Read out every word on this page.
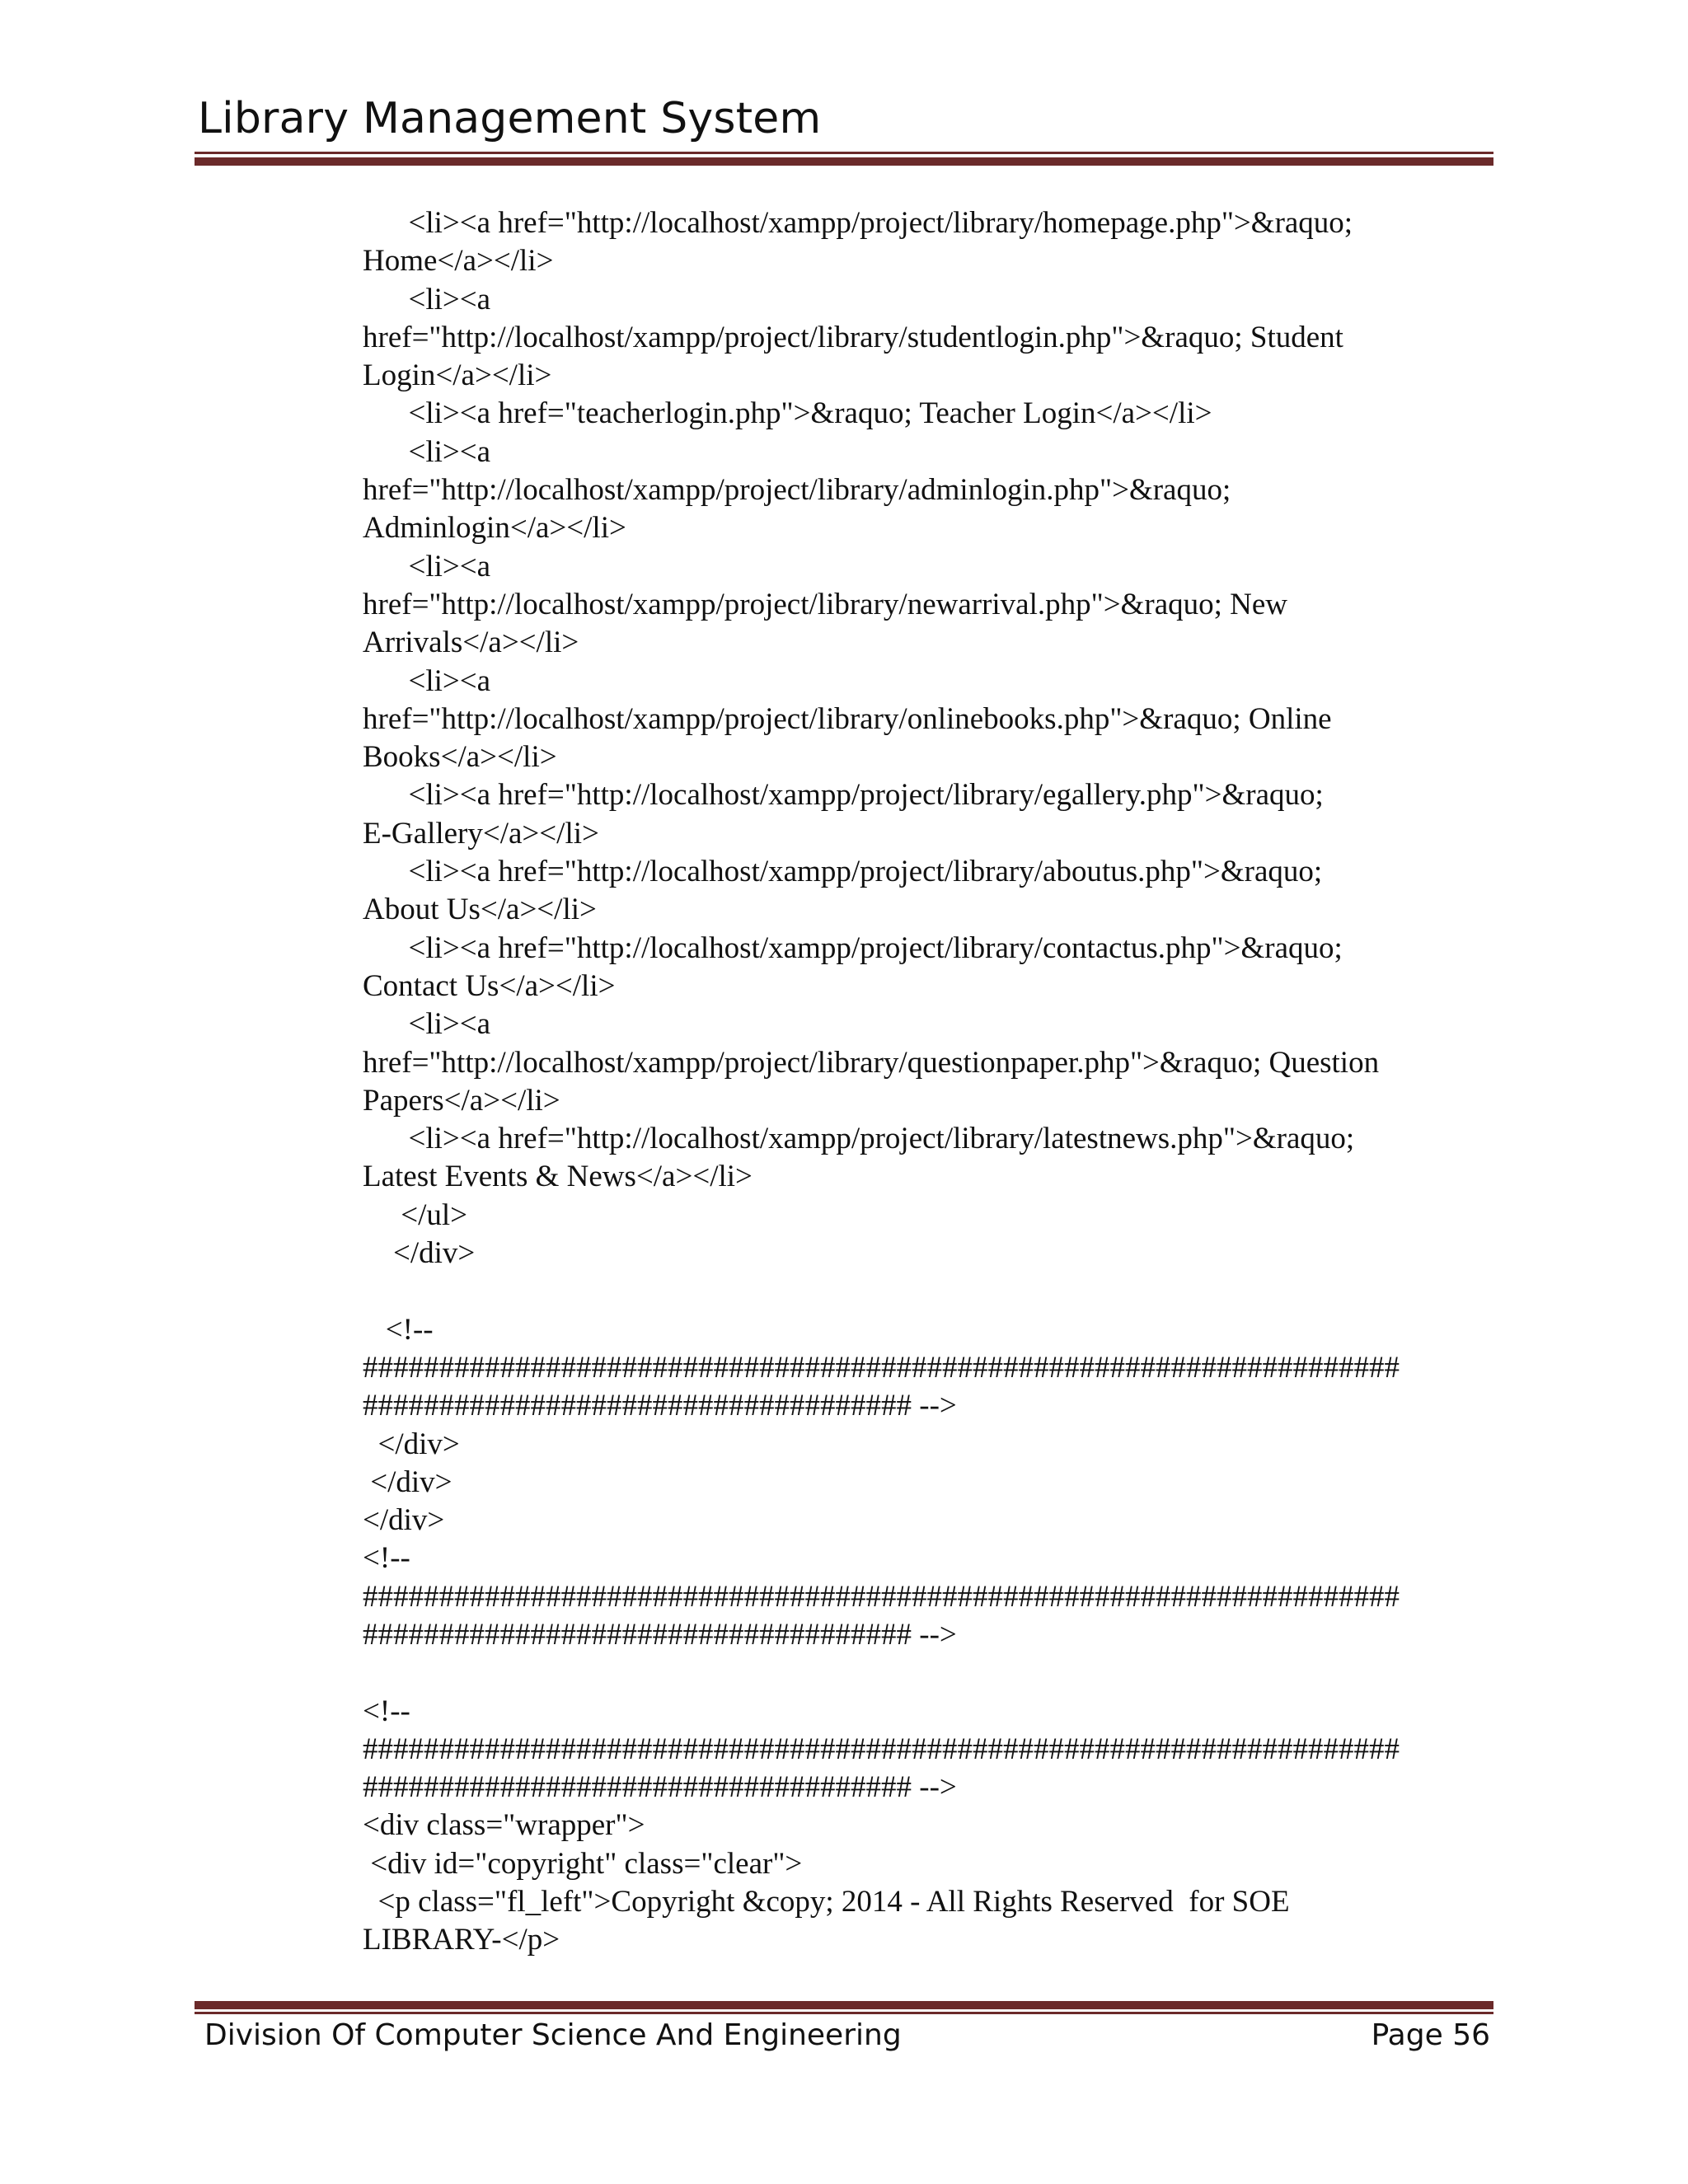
Library Management System
<li><a href="http://localhost/xampp/project/library/homepage.php">&raquo;
Home</a></li>
<li><a
href="http://localhost/xampp/project/library/studentlogin.php">&raquo; Student
Login</a></li>
<li><a href="teacherlogin.php">&raquo; Teacher Login</a></li>
<li><a
href="http://localhost/xampp/project/library/adminlogin.php">&raquo;
Adminlogin</a></li>
<li><a
href="http://localhost/xampp/project/library/newarrival.php">&raquo; New
Arrivals</a></li>
<li><a
href="http://localhost/xampp/project/library/onlinebooks.php">&raquo; Online
Books</a></li>
<li><a href="http://localhost/xampp/project/library/egallery.php">&raquo;
E-Gallery</a></li>
<li><a href="http://localhost/xampp/project/library/aboutus.php">&raquo;
About Us</a></li>
<li><a href="http://localhost/xampp/project/library/contactus.php">&raquo;
Contact Us</a></li>
<li><a
href="http://localhost/xampp/project/library/questionpaper.php">&raquo; Question
Papers</a></li>
<li><a href="http://localhost/xampp/project/library/latestnews.php">&raquo;
Latest Events & News</a></li>
</ul>
</div>
<!--
####################################################################
#################################### -->
</div>
</div>
</div>
<!--
####################################################################
#################################### -->
<!--
####################################################################
#################################### -->
<div class="wrapper">
<div id="copyright" class="clear">
<p class="fl_left">Copyright &copy; 2014 - All Rights Reserved  for SOE
LIBRARY-</p>
Division Of Computer Science And Engineering	Page 56
